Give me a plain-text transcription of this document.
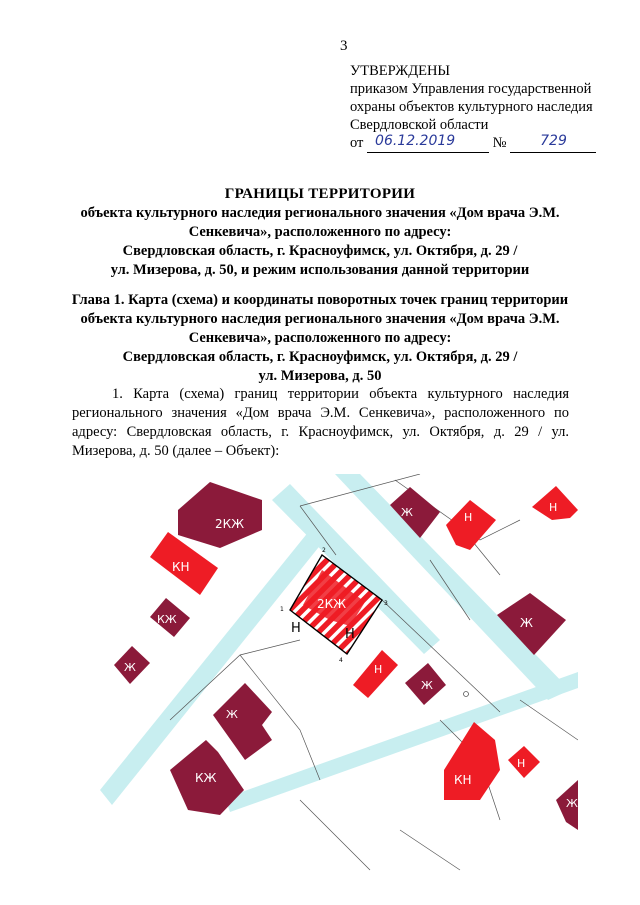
3
УТВЕРЖДЕНЫ
приказом Управления государственной
охраны объектов культурного наследия
Свердловской области
от 06.12.2019	№ 729
ГРАНИЦЫ ТЕРРИТОРИИ
объекта культурного наследия регионального значения «Дом врача Э.М.
Сенкевича», расположенного по адресу:
Свердловская область, г. Красноуфимск, ул. Октября, д. 29 /
ул. Мизерова, д. 50, и режим использования данной территории
Глава 1. Карта (схема) и координаты поворотных точек границ территории
объекта культурного наследия регионального значения «Дом врача Э.М.
Сенкевича», расположенного по адресу:
Свердловская область, г. Красноуфимск, ул. Октября, д. 29 /
ул. Мизерова, д. 50
1. Карта (схема) границ территории объекта культурного наследия регионального значения «Дом врача Э.М. Сенкевича», расположенного по адресу: Свердловская область, г. Красноуфимск, ул. Октября, д. 29 / ул. Мизерова, д. 50 (далее – Объект):
2КЖ
КН
КЖ
Ж
Ж	Н
Н
2КЖ
Н	Н
2
1
3
4
Ж
Н
Ж
Ж
КЖ	КН
Н
Ж
